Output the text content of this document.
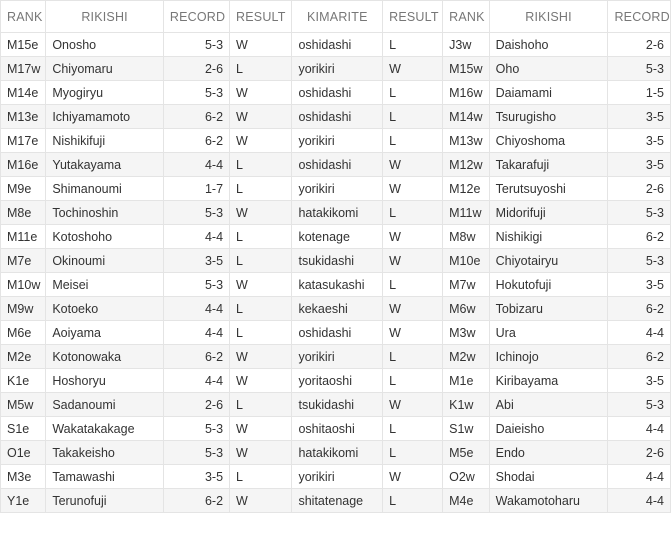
RANK	RIKISHI	RECORD	RESULT	KIMARITE	RESULT	RANK	RIKISHI	RECORD
M15e	Onosho	5-3	W	oshidashi	L	J3w	Daishoho	2-6
M17w	Chiyomaru	2-6	L	yorikiri	W	M15w	Oho	5-3
M14e	Myogiryu	5-3	W	oshidashi	L	M16w	Daiamami	1-5
M13e	Ichiyamamoto	6-2	W	oshidashi	L	M14w	Tsurugisho	3-5
M17e	Nishikifuji	6-2	W	yorikiri	L	M13w	Chiyoshoma	3-5
M16e	Yutakayama	4-4	L	oshidashi	W	M12w	Takarafuji	3-5
M9e	Shimanoumi	1-7	L	yorikiri	W	M12e	Terutsuyoshi	2-6
M8e	Tochinoshin	5-3	W	hatakikomi	L	M11w	Midorifuji	5-3
M11e	Kotoshoho	4-4	L	kotenage	W	M8w	Nishikigi	6-2
M7e	Okinoumi	3-5	L	tsukidashi	W	M10e	Chiyotairyu	5-3
M10w	Meisei	5-3	W	katasukashi	L	M7w	Hokutofuji	3-5
M9w	Kotoeko	4-4	L	kekaeshi	W	M6w	Tobizaru	6-2
M6e	Aoiyama	4-4	L	oshidashi	W	M3w	Ura	4-4
M2e	Kotonowaka	6-2	W	yorikiri	L	M2w	Ichinojo	6-2
K1e	Hoshoryu	4-4	W	yoritaoshi	L	M1e	Kiribayama	3-5
M5w	Sadanoumi	2-6	L	tsukidashi	W	K1w	Abi	5-3
S1e	Wakatakakage	5-3	W	oshitaoshi	L	S1w	Daieisho	4-4
O1e	Takakeisho	5-3	W	hatakikomi	L	M5e	Endo	2-6
M3e	Tamawashi	3-5	L	yorikiri	W	O2w	Shodai	4-4
Y1e	Terunofuji	6-2	W	shitatenage	L	M4e	Wakamotoharu	4-4
